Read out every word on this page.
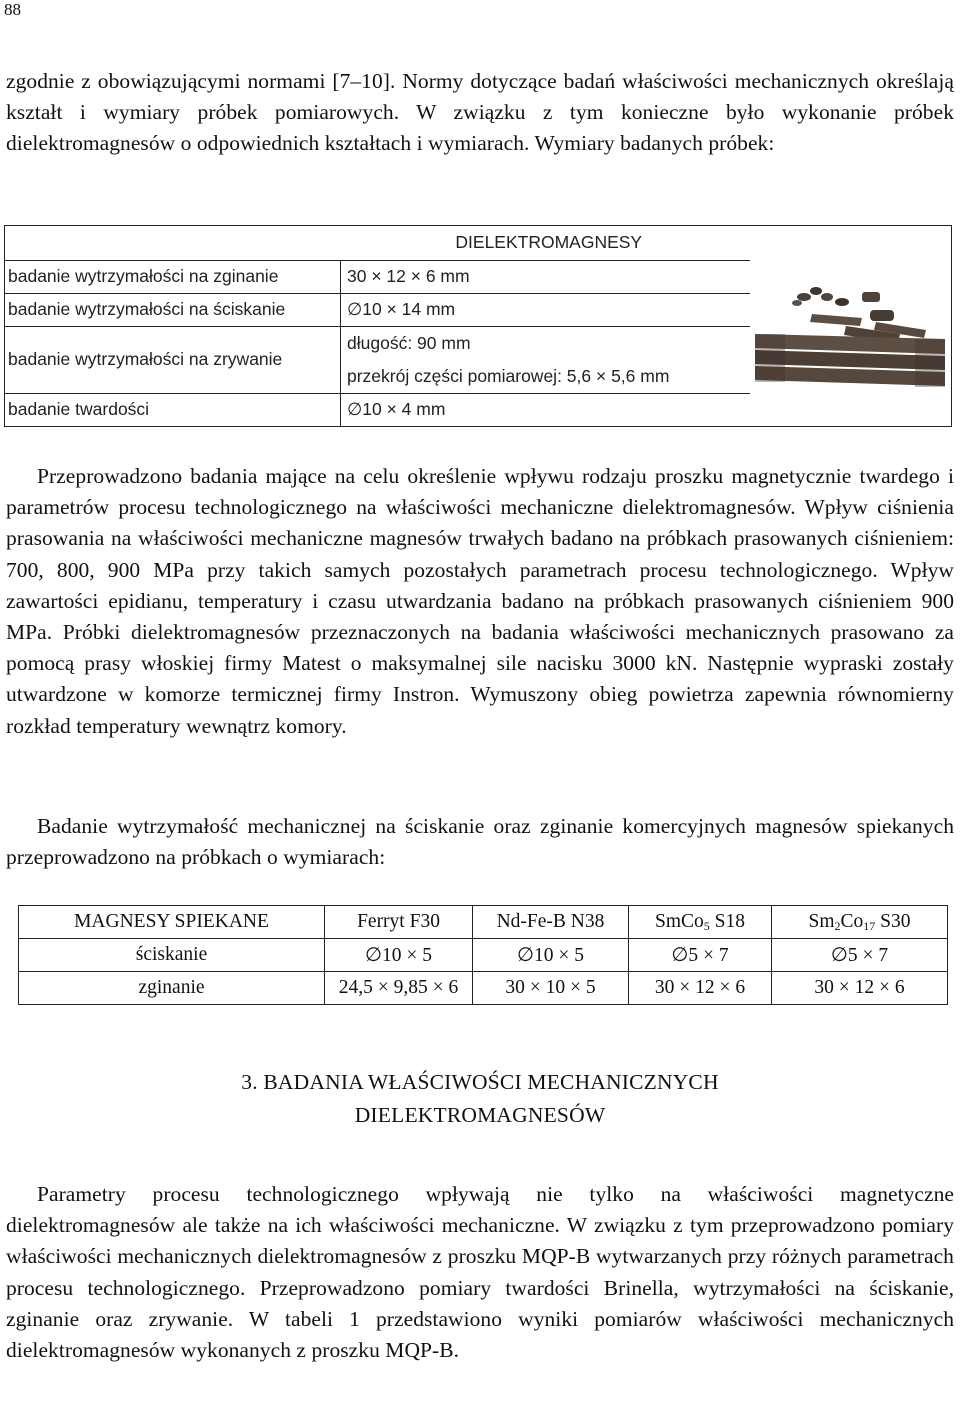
88

zgodnie z obowiązującymi normami [7–10]. Normy dotyczące badań właściwości mechanicznych określają kształt i wymiary próbek pomiarowych. W związku z tym konieczne było wykonanie próbek dielektromagnesów o odpowiednich kształtach i wymiarach. Wymiary badanych próbek:

	DIELEKTROMAGNESY
badanie wytrzymałości na zginanie	30 × 12 × 6 mm
badanie wytrzymałości na ściskanie	∅10 × 14 mm
badanie wytrzymałości na zrywanie	długość: 90 mm
przekrój części pomiarowej: 5,6 × 5,6 mm

badanie twardości	∅10 × 4 mm

Przeprowadzono badania mające na celu określenie wpływu rodzaju proszku magnetycznie twardego i parametrów procesu technologicznego na właściwości mechaniczne dielektromagnesów. Wpływ ciśnienia prasowania na właściwości mechaniczne magnesów trwałych badano na próbkach prasowanych ciśnieniem: 700, 800, 900 MPa przy takich samych pozostałych parametrach procesu technologicznego. Wpływ zawartości epidianu, temperatury i czasu utwardzania badano na próbkach prasowanych ciśnieniem 900 MPa. Próbki dielektromagnesów przeznaczonych na badania właściwości mechanicznych prasowano za pomocą prasy włoskiej firmy Matest o maksymalnej sile nacisku 3000 kN. Następnie wypraski zostały utwardzone w komorze termicznej firmy Instron. Wymuszony obieg powietrza zapewnia równomierny rozkład temperatury wewnątrz komory.

Badanie wytrzymałość mechanicznej na ściskanie oraz zginanie komercyjnych magnesów spiekanych przeprowadzono na próbkach o wymiarach:

MAGNESY SPIEKANE	Ferryt F30	Nd-Fe-B N38	SmCo$_5$ S18	$Sm_2Co_{17}$ S30
ściskanie	∅10 × 5	∅10 × 5	∅5 × 7	∅5 × 7
zginanie	24,5 × 9,85 × 6	30 × 10 × 5	30 × 12 × 6	30 × 12 × 6
3. BADANIA WŁAŚCIWOŚCI MECHANICZNYCH
DIELEKTROMAGNESÓW

Parametry procesu technologicznego wpływają nie tylko na właściwości magnetyczne dielektromagnesów ale także na ich właściwości mechaniczne. W związku z tym przeprowadzono pomiary właściwości mechanicznych dielektromagnesów z proszku MQP-B wytwarzanych przy różnych parametrach procesu technologicznego. Przeprowadzono pomiary twardości Brinella, wytrzymałości na ściskanie, zginanie oraz zrywanie. W tabeli 1 przedstawiono wyniki pomiarów właściwości mechanicznych dielektromagnesów wykonanych z proszku MQP-B.
